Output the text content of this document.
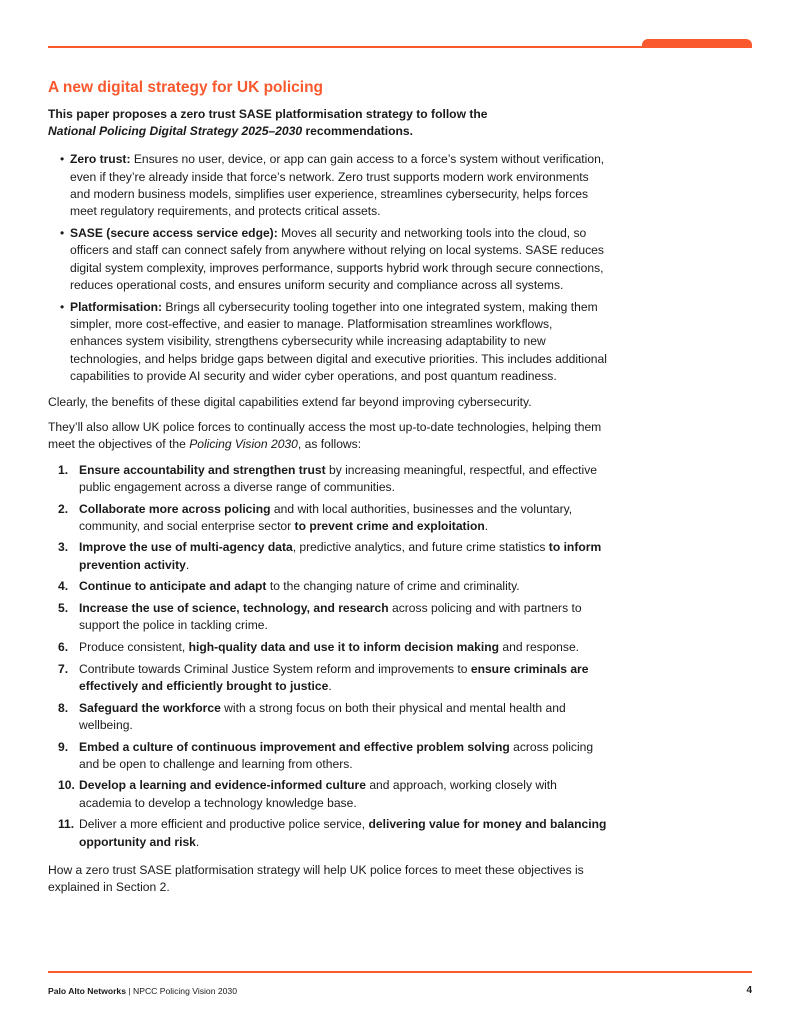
A new digital strategy for UK policing

This paper proposes a zero trust SASE platformisation strategy to follow the
National Policing Digital Strategy 2025–2030 recommendations.

• Zero trust: Ensures no user, device, or app can gain access to a force’s system without verification, even if they’re already inside that force’s network. Zero trust supports modern work environments and modern business models, simplifies user experience, streamlines cybersecurity, helps forces meet regulatory requirements, and protects critical assets.
• SASE (secure access service edge): Moves all security and networking tools into the cloud, so officers and staff can connect safely from anywhere without relying on local systems. SASE reduces digital system complexity, improves performance, supports hybrid work through secure connections, reduces operational costs, and ensures uniform security and compliance across all systems.
• Platformisation: Brings all cybersecurity tooling together into one integrated system, making them simpler, more cost-effective, and easier to manage. Platformisation streamlines workflows, enhances system visibility, strengthens cybersecurity while increasing adaptability to new technologies, and helps bridge gaps between digital and executive priorities. This includes additional capabilities to provide AI security and wider cyber operations, and post quantum readiness.

Clearly, the benefits of these digital capabilities extend far beyond improving cybersecurity.

They’ll also allow UK police forces to continually access the most up-to-date technologies, helping them meet the objectives of the Policing Vision 2030, as follows:

1. Ensure accountability and strengthen trust by increasing meaningful, respectful, and effective public engagement across a diverse range of communities.
2. Collaborate more across policing and with local authorities, businesses and the voluntary, community, and social enterprise sector to prevent crime and exploitation.
3. Improve the use of multi-agency data, predictive analytics, and future crime statistics to inform prevention activity.
4. Continue to anticipate and adapt to the changing nature of crime and criminality.
5. Increase the use of science, technology, and research across policing and with partners to support the police in tackling crime.
6. Produce consistent, high-quality data and use it to inform decision making and response.
7. Contribute towards Criminal Justice System reform and improvements to ensure criminals are effectively and efficiently brought to justice.
8. Safeguard the workforce with a strong focus on both their physical and mental health and wellbeing.
9. Embed a culture of continuous improvement and effective problem solving across policing and be open to challenge and learning from others.
10. Develop a learning and evidence-informed culture and approach, working closely with academia to develop a technology knowledge base.
11. Deliver a more efficient and productive police service, delivering value for money and balancing opportunity and risk.

How a zero trust SASE platformisation strategy will help UK police forces to meet these objectives is explained in Section 2.

Palo Alto Networks | NPCC Policing Vision 2030	4
